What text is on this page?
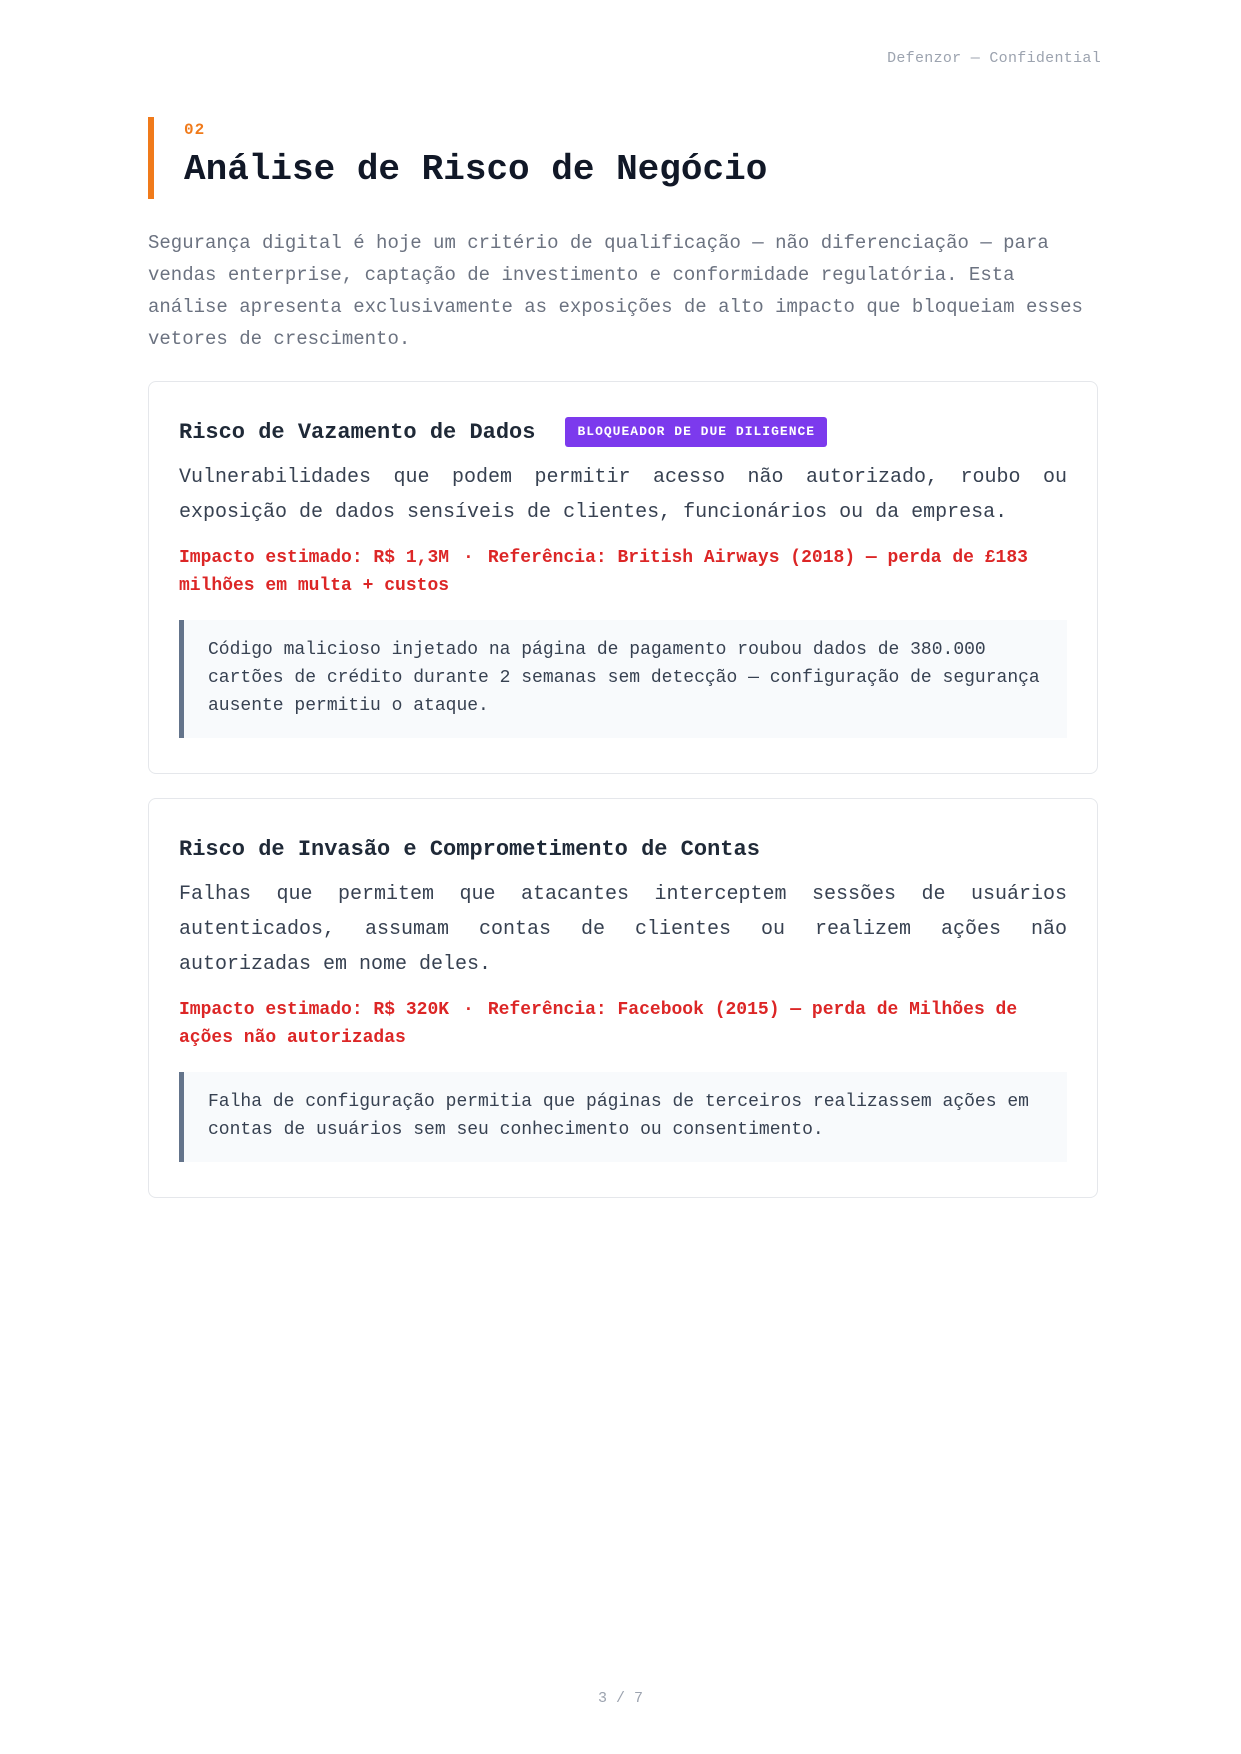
Defenzor — Confidential
02
Análise de Risco de Negócio
Segurança digital é hoje um critério de qualificação — não diferenciação — para vendas enterprise, captação de investimento e conformidade regulatória. Esta análise apresenta exclusivamente as exposições de alto impacto que bloqueiam esses vetores de crescimento.
Risco de Vazamento de Dados	BLOQUEADOR DE DUE DILIGENCE
Vulnerabilidades que podem permitir acesso não autorizado, roubo ou exposição de dados sensíveis de clientes, funcionários ou da empresa.
Impacto estimado: R$ 1,3M · Referência: British Airways (2018) — perda de £183 milhões em multa + custos
Código malicioso injetado na página de pagamento roubou dados de 380.000 cartões de crédito durante 2 semanas sem detecção — configuração de segurança ausente permitiu o ataque.
Risco de Invasão e Comprometimento de Contas
Falhas que permitem que atacantes interceptem sessões de usuários autenticados, assumam contas de clientes ou realizem ações não autorizadas em nome deles.
Impacto estimado: R$ 320K · Referência: Facebook (2015) — perda de Milhões de ações não autorizadas
Falha de configuração permitia que páginas de terceiros realizassem ações em contas de usuários sem seu conhecimento ou consentimento.
3 / 7
